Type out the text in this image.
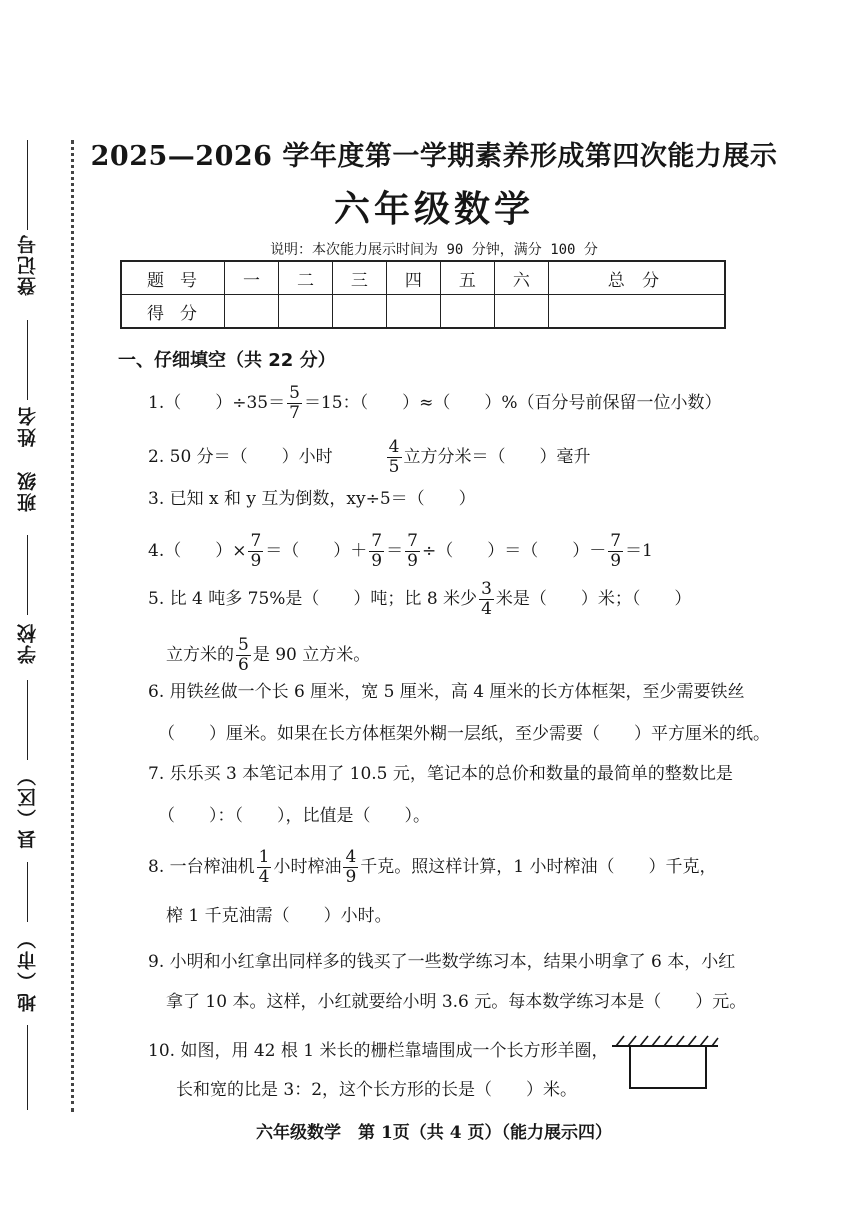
登记号
姓名
班级
学校
县（区）
地（市）
2025—2026 学年度第一学期素养形成第四次能力展示
六年级数学
说明：本次能力展示时间为 90 分钟，满分 100 分
题号	一	二	三	四	五	六	总 分
得分							
一、仔细填空（共 22 分）
1.（　　）$\div 35= \frac{5}{7} =15$：（　　）≈（　　）%（百分号前保留一位小数）
2. 50 分＝（　　）小时	$\frac{4}{5}$ 立方分米＝（　　）毫升
3. 已知 x 和 y 互为倒数，xy÷5＝（　　）
4.（　　）× $\frac{7}{9}$ ＝（　　）＋ $\frac{7}{9} = \frac{7}{9}$ ÷（　　）＝（　　）－ $\frac{7}{9} =1$
5. 比 4 吨多 75%是（　　）吨；比 8 米少 $\frac{3}{4}$ 米是（　　）米；（　　）
立方米的 $\frac{5}{6}$ 是 90 立方米。
6. 用铁丝做一个长 6 厘米，宽 5 厘米，高 4 厘米的长方体框架，至少需要铁丝
（　　）厘米。如果在长方体框架外糊一层纸，至少需要（　　）平方厘米的纸。
7. 乐乐买 3 本笔记本用了 10.5 元，笔记本的总价和数量的最简单的整数比是
（　　）：（　　），比值是（　　）。
8. 一台榨油机 $\frac{1}{4}$ 小时榨油 $\frac{4}{9}$ 千克。照这样计算，1 小时榨油（　　）千克，
榨 1 千克油需（　　）小时。
9. 小明和小红拿出同样多的钱买了一些数学练习本，结果小明拿了 6 本，小红
拿了 10 本。这样，小红就要给小明 3.6 元。每本数学练习本是（　　）元。
10. 如图，用 42 根 1 米长的栅栏靠墙围成一个长方形羊圈，
长和宽的比是 3：2，这个长方形的长是（　　）米。
六年级数学　第 1页（共 4 页）（能力展示四）
